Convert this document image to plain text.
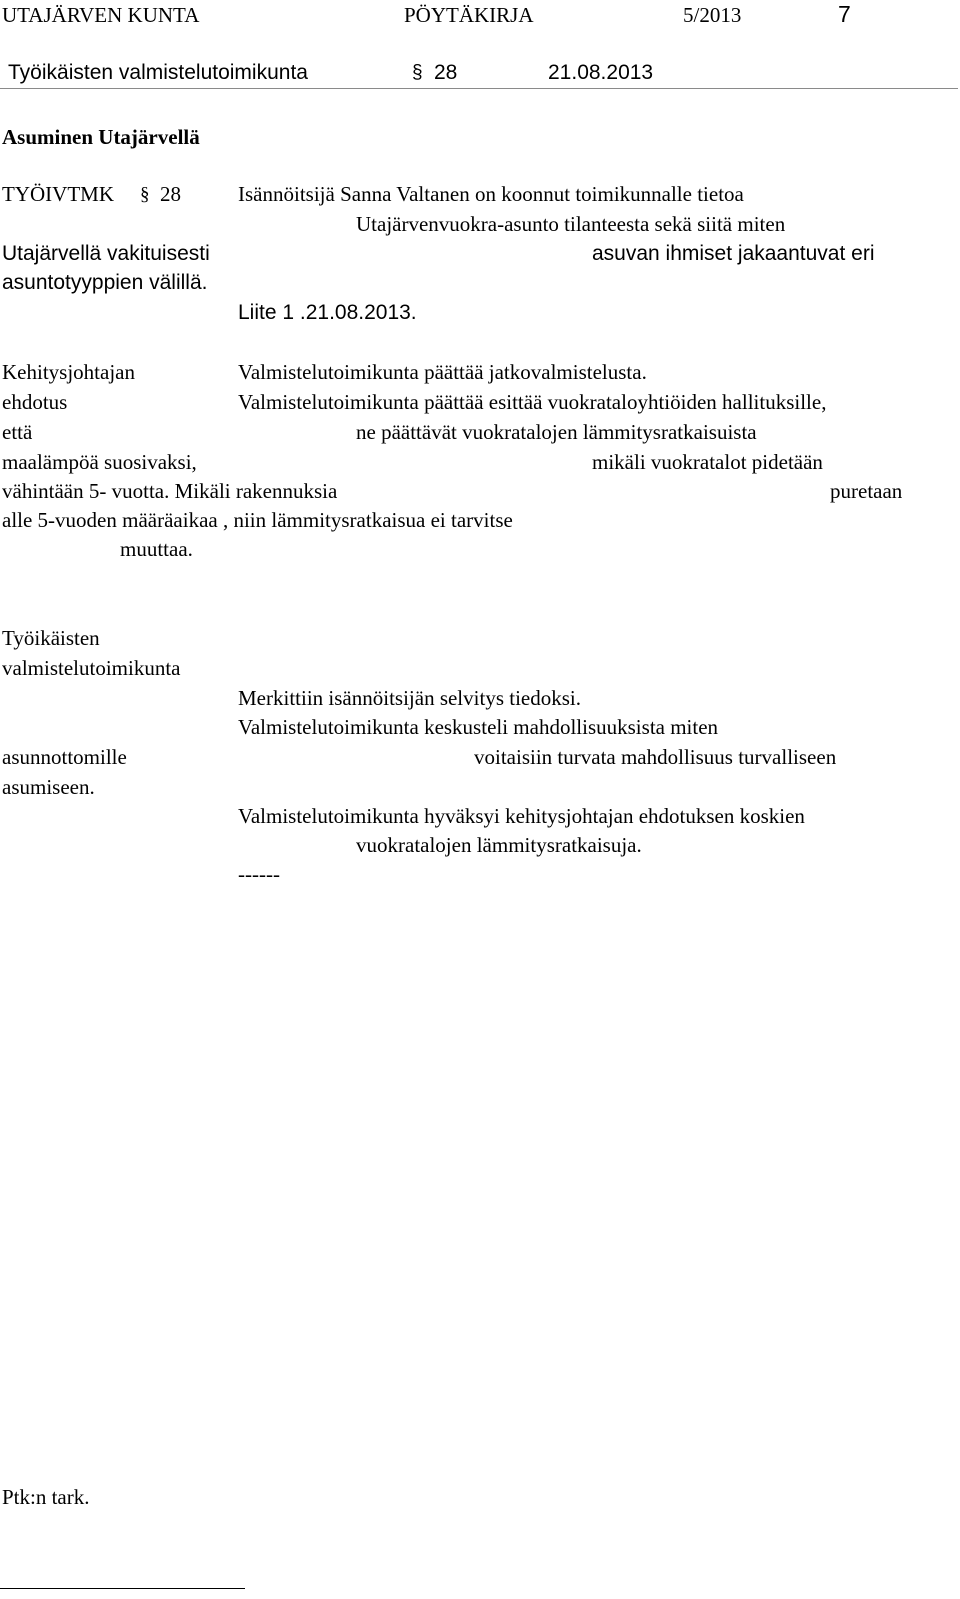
UTAJÄRVEN KUNTA	PÖYTÄKIRJA	5/2013	7
Työikäisten valmistelutoimikunta	§ 28	21.08.2013
Asuminen Utajärvellä
TYÖIVTMK § 28	Isännöitsijä Sanna Valtanen on koonnut toimikunnalle tietoa
Utajärvenvuokra-asunto tilanteesta sekä siitä miten
Utajärvellä vakituisesti	asuvan ihmiset jakaantuvat eri
asuntotyyppien välillä.
Liite 1 .21.08.2013.
Kehitysjohtajan
ehdotus
Valmistelutoimikunta päättää jatkovalmistelusta.
Valmistelutoimikunta päättää esittää vuokrataloyhtiöiden hallituksille,
että	ne päättävät vuokratalojen lämmitysratkaisuista
maalämpöä suosivaksi,	mikäli vuokratalot pidetään
vähintään 5- vuotta. Mikäli rakennuksia	puretaan
alle 5-vuoden määräaikaa , niin lämmitysratkaisua ei tarvitse
muuttaa.
Työikäisten
valmistelutoimikunta
Merkittiin isännöitsijän selvitys tiedoksi.
Valmistelutoimikunta keskusteli mahdollisuuksista miten
asunnottomille	voitaisiin turvata mahdollisuus turvalliseen
asumiseen.
Valmistelutoimikunta hyväksyi kehitysjohtajan ehdotuksen koskien
vuokratalojen lämmitysratkaisuja.
------
Ptk:n tark.
